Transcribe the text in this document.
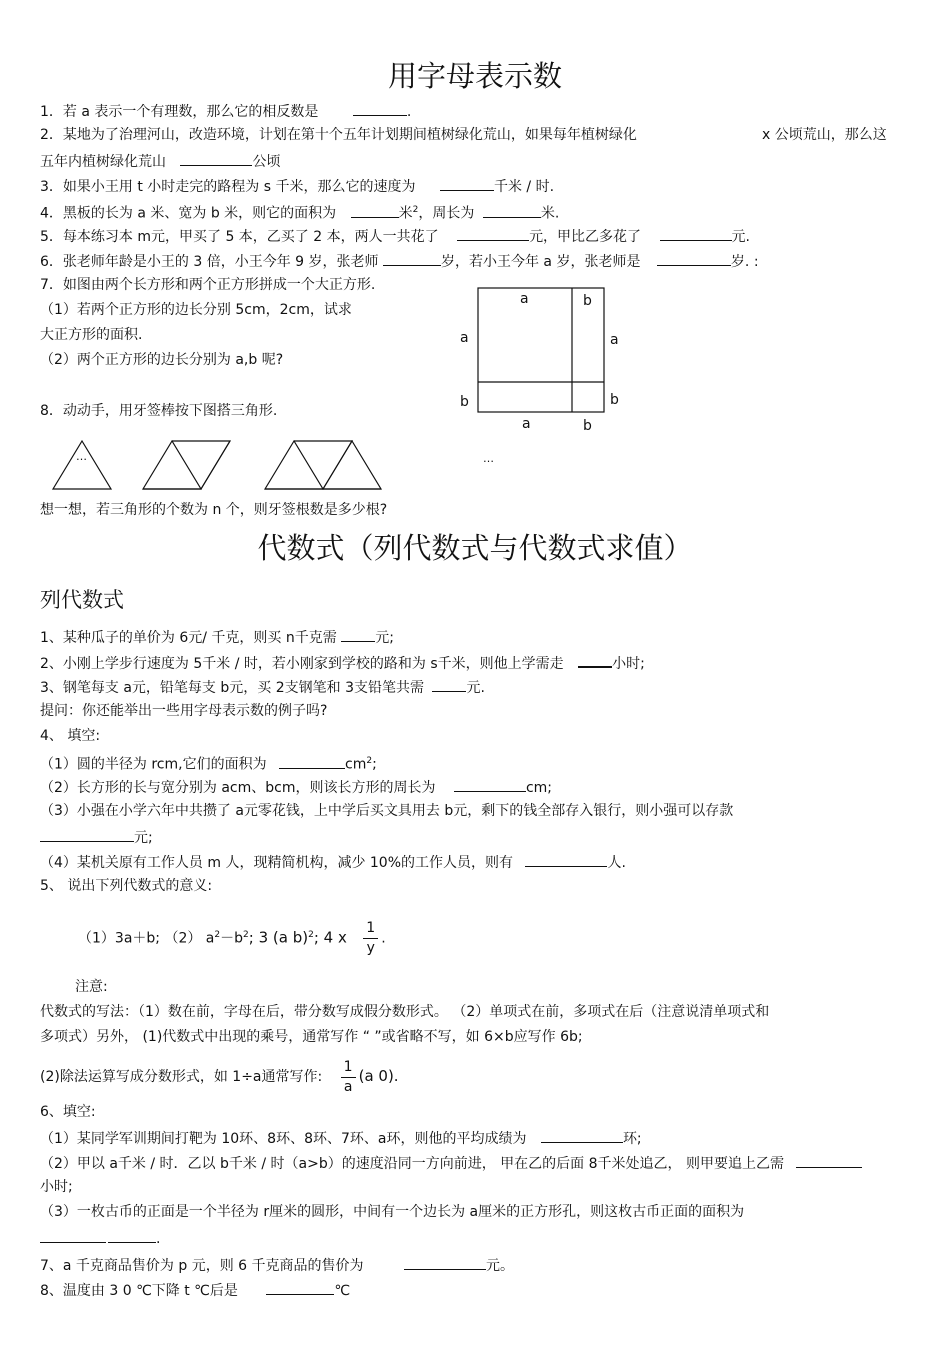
用字母表示数
1．若 a 表示一个有理数，那么它的相反数是	.
2．某地为了治理河山，改造环境，计划在第十个五年计划期间植树绿化荒山，如果每年植树绿化	x 公顷荒山，那么这
五年内植树绿化荒山	公顷
3．如果小王用 t 小时走完的路程为 s 千米，那么它的速度为	千米 / 时.
4．黑板的长为 a 米、宽为 b 米，则它的面积为	米$^2$，周长为	米.
5．每本练习本 m元，甲买了 5 本，乙买了 2 本，两人一共花了	元，甲比乙多花了	元.
6．张老师年龄是小王的 3 倍，小王今年 9 岁，张老师	岁，若小王今年 a 岁，张老师是	岁. :
7．如图由两个长方形和两个正方形拼成一个大正方形.
（1）若两个正方形的边长分别 5cm，2cm，试求
大正方形的面积.
（2）两个正方形的边长分别为 a,b 呢?
a	b
a
b
a
b
a	b
8．动动手，用牙签棒按下图搭三角形.
…	…
想一想，若三角形的个数为 n 个，则牙签根数是多少根?
代数式（列代数式与代数式求值）
列代数式
1、某种瓜子的单价为 6元/ 千克，则买 n千克需	元;
2、小刚上学步行速度为 5千米 / 时，若小刚家到学校的路和为 s千米，则他上学需走	小时;
3、钢笔每支 a元，铅笔每支 b元，买 2支钢笔和 3支铅笔共需	元.
提问：你还能举出一些用字母表示数的例子吗?
4、 填空:
（1）圆的半径为 rcm,它们的面积为	$cm^2$;
（2）长方形的长与宽分别为 acm、bcm，则该长方形的周长为	cm;
（3）小强在小学六年中共攒了 a元零花钱，上中学后买文具用去 b元，剩下的钱全部存入银行，则小强可以存款
元;
（4）某机关原有工作人员 m 人，现精简机构，减少 10%的工作人员，则有	人.
5、 说出下列代数式的意义:
（1）3a＋b; （2） $a^2-b^2$; 3 (a b)$^2$; 4 x $\frac{1}{y}$ .
注意:
代数式的写法：（1）数在前，字母在后，带分数写成假分数形式。 （2）单项式在前，多项式在后（注意说清单项式和
多项式）另外， (1)代数式中出现的乘号，通常写作 “ ”或省略不写，如 6×b应写作 6b;
(2)除法运算写成分数形式，如 1÷a通常写作: $\frac{1}{a} (a$ 0).
6、填空:
（1）某同学军训期间打靶为 10环、8环、8环、7环、a环，则他的平均成绩为	环;
（2）甲以 a千米 / 时．乙以 b千米 / 时（a>b）的速度沿同一方向前进， 甲在乙的后面 8千米处追乙， 则甲要追上乙需
小时;
（3）一枚古币的正面是一个半径为 r厘米的圆形，中间有一个边长为 a厘米的正方形孔，则这枚古币正面的面积为
.
7、a 千克商品售价为 p 元，则 6 千克商品的售价为	元。
8、温度由 3 0 ℃下降 t ℃后是	℃
